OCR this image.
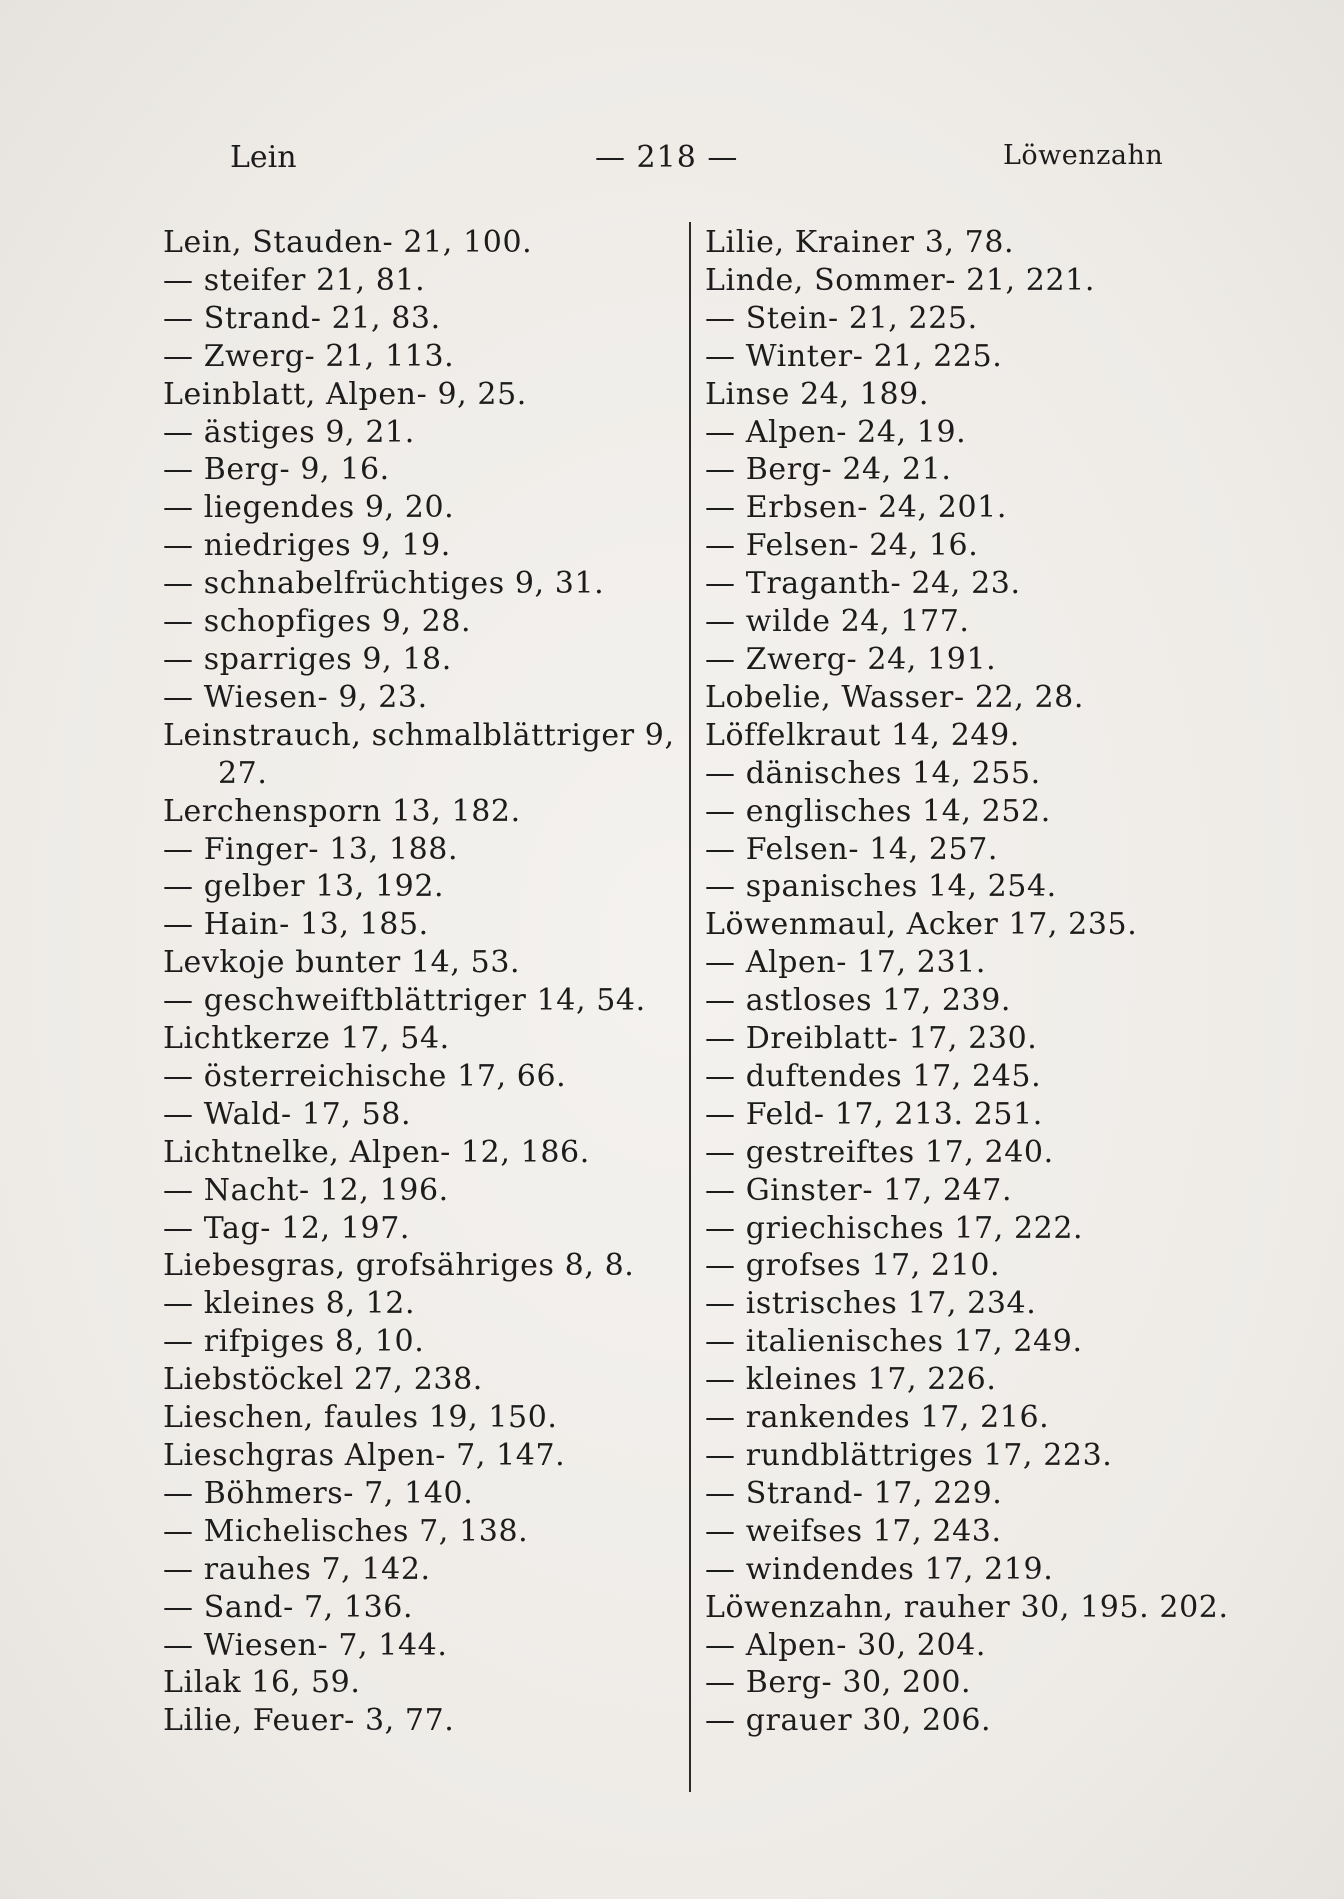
Lein	— 218 —	Löwenzahn
Lein, Stauden- 21, 100.
— steifer 21, 81.
— Strand- 21, 83.
— Zwerg- 21, 113.
Leinblatt, Alpen- 9, 25.
— ästiges 9, 21.
— Berg- 9, 16.
— liegendes 9, 20.
— niedriges 9, 19.
— schnabelfrüchtiges 9, 31.
— schopfiges 9, 28.
— sparriges 9, 18.
— Wiesen- 9, 23.
Leinstrauch, schmalblättriger 9,
27.
Lerchensporn 13, 182.
— Finger- 13, 188.
— gelber 13, 192.
— Hain- 13, 185.
Levkoje bunter 14, 53.
— geschweiftblättriger 14, 54.
Lichtkerze 17, 54.
— österreichische 17, 66.
— Wald- 17, 58.
Lichtnelke, Alpen- 12, 186.
— Nacht- 12, 196.
— Tag- 12, 197.
Liebesgras, grofsähriges 8, 8.
— kleines 8, 12.
— rifpiges 8, 10.
Liebstöckel 27, 238.
Lieschen, faules 19, 150.
Lieschgras Alpen- 7, 147.
— Böhmers- 7, 140.
— Michelisches 7, 138.
— rauhes 7, 142.
— Sand- 7, 136.
— Wiesen- 7, 144.
Lilak 16, 59.
Lilie, Feuer- 3, 77.
Lilie, Krainer 3, 78.
Linde, Sommer- 21, 221.
— Stein- 21, 225.
— Winter- 21, 225.
Linse 24, 189.
— Alpen- 24, 19.
— Berg- 24, 21.
— Erbsen- 24, 201.
— Felsen- 24, 16.
— Traganth- 24, 23.
— wilde 24, 177.
— Zwerg- 24, 191.
Lobelie, Wasser- 22, 28.
Löffelkraut 14, 249.
— dänisches 14, 255.
— englisches 14, 252.
— Felsen- 14, 257.
— spanisches 14, 254.
Löwenmaul, Acker 17, 235.
— Alpen- 17, 231.
— astloses 17, 239.
— Dreiblatt- 17, 230.
— duftendes 17, 245.
— Feld- 17, 213. 251.
— gestreiftes 17, 240.
— Ginster- 17, 247.
— griechisches 17, 222.
— grofses 17, 210.
— istrisches 17, 234.
— italienisches 17, 249.
— kleines 17, 226.
— rankendes 17, 216.
— rundblättriges 17, 223.
— Strand- 17, 229.
— weifses 17, 243.
— windendes 17, 219.
Löwenzahn, rauher 30, 195. 202.
— Alpen- 30, 204.
— Berg- 30, 200.
— grauer 30, 206.
